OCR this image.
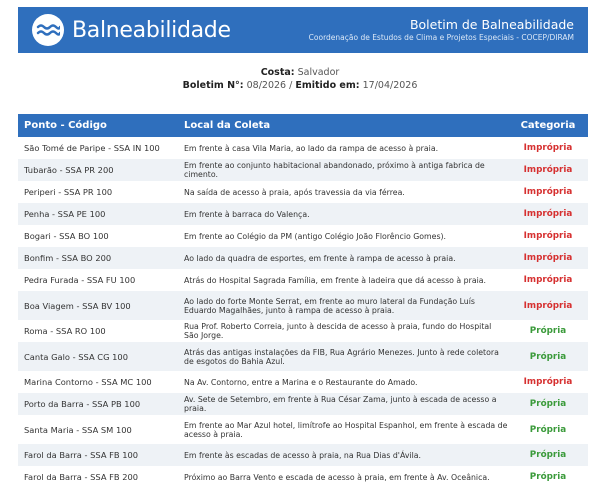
Balneabilidade	Boletim de Balneabilidade
Coordenação de Estudos de Clima e Projetos Especiais - COCEP/DIRAM
Costa: Salvador
Boletim N°: 08/2026 / Emitido em: 17/04/2026
Ponto - Código	Local da Coleta	Categoria
São Tomé de Paripe - SSA IN 100	Em frente à casa Vila Maria, ao lado da rampa de acesso à praia.	Imprópria
Tubarão - SSA PR 200	Em frente ao conjunto habitacional abandonado, próximo à antiga fabrica de cimento.	Imprópria
Periperi - SSA PR 100	Na saída de acesso à praia, após travessia da via férrea.	Imprópria
Penha - SSA PE 100	Em frente à barraca do Valença.	Imprópria
Bogari - SSA BO 100	Em frente ao Colégio da PM (antigo Colégio João Florêncio Gomes).	Imprópria
Bonfim - SSA BO 200	Ao lado da quadra de esportes, em frente à rampa de acesso à praia.	Imprópria
Pedra Furada - SSA FU 100	Atrás do Hospital Sagrada Família, em frente à ladeira que dá acesso à praia.	Imprópria
Boa Viagem - SSA BV 100	Ao lado do forte Monte Serrat, em frente ao muro lateral da Fundação Luís Eduardo Magalhães, junto à rampa de acesso à praia.	Imprópria
Roma - SSA RO 100	Rua Prof. Roberto Correia, junto à descida de acesso à praia, fundo do Hospital São Jorge.	Própria
Canta Galo - SSA CG 100	Atrás das antigas instalações da FIB, Rua Agrário Menezes. Junto à rede coletora de esgotos do Bahia Azul.	Própria
Marina Contorno - SSA MC 100	Na Av. Contorno, entre a Marina e o Restaurante do Amado.	Imprópria
Porto da Barra - SSA PB 100	Av. Sete de Setembro, em frente à Rua César Zama, junto à escada de acesso a praia.	Própria
Santa Maria - SSA SM 100	Em frente ao Mar Azul hotel, limítrofe ao Hospital Espanhol, em frente à escada de acesso à praia.	Própria
Farol da Barra - SSA FB 100	Em frente às escadas de acesso à praia, na Rua Dias d'Ávila.	Própria
Farol da Barra - SSA FB 200	Próximo ao Barra Vento e escada de acesso à praia, em frente à Av. Oceânica.	Própria
